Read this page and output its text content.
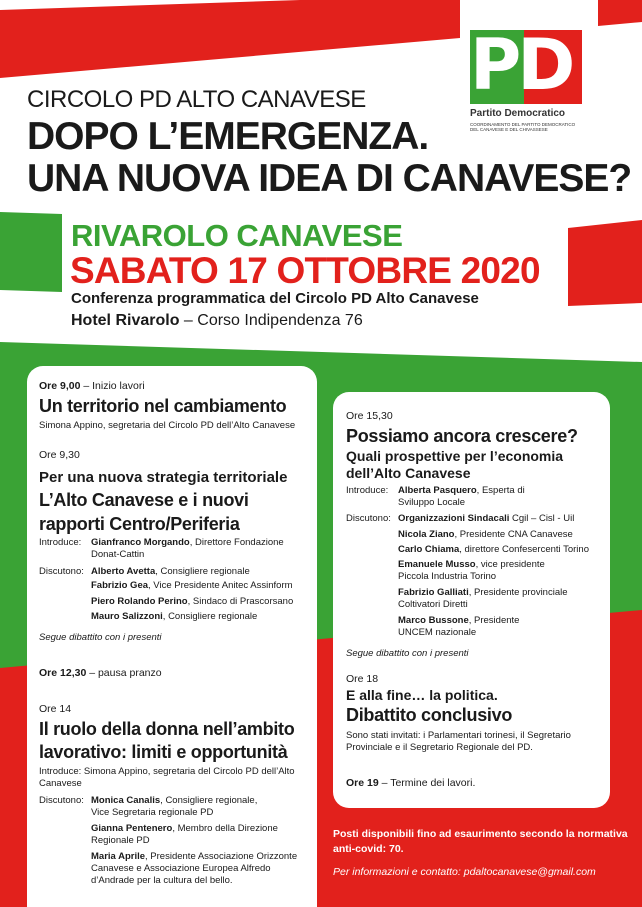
PD
Partito Democratico
COORDINAMENTO DEL PARTITO DEMOCRATICO DEL CANAVESE E DEL CHIVASSESE
CIRCOLO PD ALTO CANAVESE
DOPO L’EMERGENZA.
UNA NUOVA IDEA DI CANAVESE?
RIVAROLO CANAVESE
SABATO 17 OTTOBRE 2020
Conferenza programmatica del Circolo PD Alto Canavese
Hotel Rivarolo – Corso Indipendenza 76
Ore 9,00 – Inizio lavori
Un territorio nel cambiamento
Simona Appino, segretaria del Circolo PD dell’Alto Canavese
Ore 9,30
Per una nuova strategia territoriale
L’Alto Canavese e i nuovi
rapporti Centro/Periferia
Introduce: Gianfranco Morgando, Direttore Fondazione
Donat-Cattin
Discutono: Alberto Avetta, Consigliere regionale
Fabrizio Gea, Vice Presidente Anitec Assinform
Piero Rolando Perino, Sindaco di Prascorsano
Mauro Salizzoni, Consigliere regionale
Segue dibattito con i presenti
Ore 12,30 – pausa pranzo
Ore 14
Il ruolo della donna nell’ambito
lavorativo: limiti e opportunità
Introduce: Simona Appino, segretaria del Circolo PD dell’Alto
Canavese
Discutono: Monica Canalis, Consigliere regionale,
Vice Segretaria regionale PD
Gianna Pentenero, Membro della Direzione
Regionale PD
Maria Aprile, Presidente Associazione Orizzonte
Canavese e Associazione Europea Alfredo
d’Andrade per la cultura del bello.
Ore 15,30
Possiamo ancora crescere?
Quali prospettive per l’economia
dell’Alto Canavese
Introduce: Alberta Pasquero, Esperta di
Sviluppo Locale
Discutono: Organizzazioni Sindacali Cgil – Cisl - Uil
Nicola Ziano, Presidente CNA Canavese
Carlo Chiama, direttore Confesercenti Torino
Emanuele Musso, vice presidente
Piccola Industria Torino
Fabrizio Galliati, Presidente provinciale
Coltivatori Diretti
Marco Bussone, Presidente
UNCEM nazionale
Segue dibattito con i presenti
Ore 18
E alla fine… la politica.
Dibattito conclusivo
Sono stati invitati: i Parlamentari torinesi, il Segretario
Provinciale e il Segretario Regionale del PD.
Ore 19 – Termine dei lavori.
Posti disponibili fino ad esaurimento secondo la normativa
anti-covid: 70.
Per informazioni e contatto: pdaltocanavese@gmail.com
